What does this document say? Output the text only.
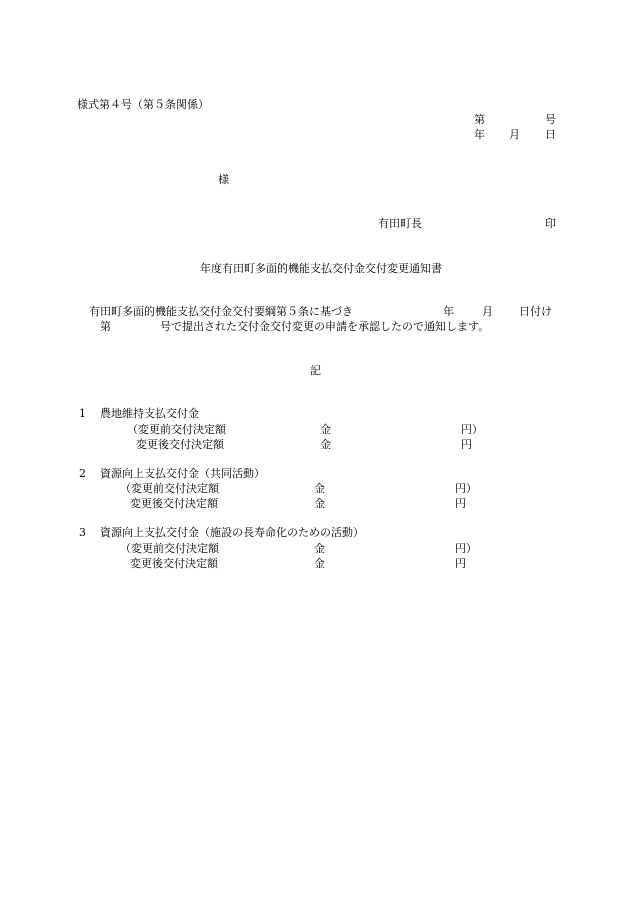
様式第４号（第５条関係）
第	号
年 月 日
様
有田町長	印
年度有田町多面的機能支払交付金交付変更通知書
有田町多面的機能支払交付金交付要綱第５条に基づき	年	月 日付け
第	号で提出された交付金交付変更の申請を承認したので通知します。
記
1 農地維持支払交付金
（変更前交付決定額	金	円）
変更後交付決定額	金	円
2 資源向上支払交付金（共同活動）
（変更前交付決定額	金	円）
変更後交付決定額	金	円
3 資源向上支払交付金（施設の長寿命化のための活動）
（変更前交付決定額	金	円）
変更後交付決定額	金	円
